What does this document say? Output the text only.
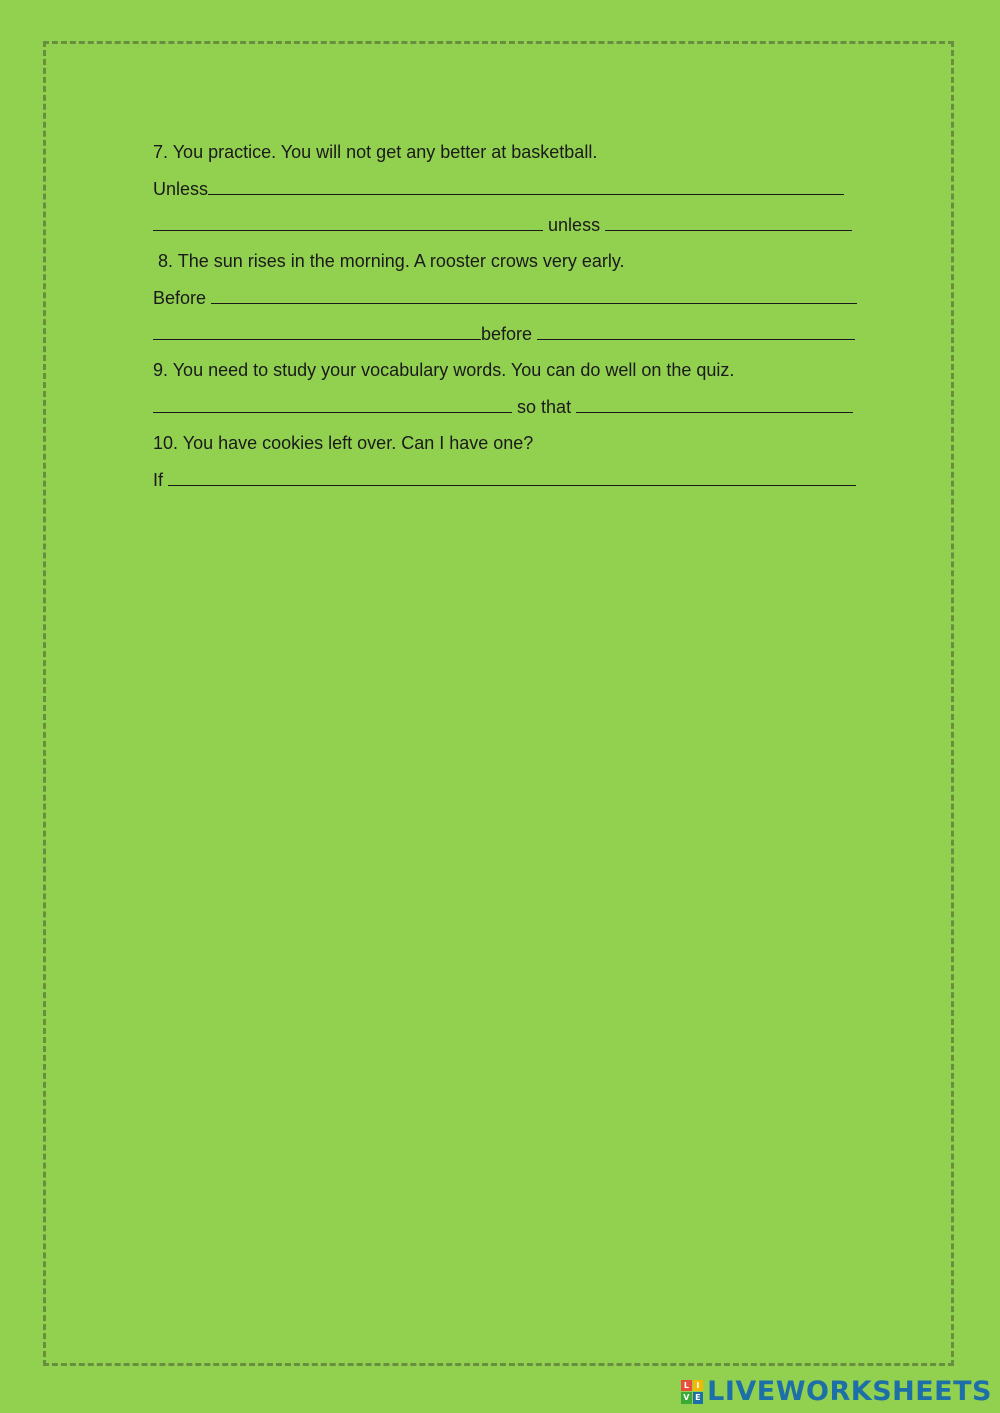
7. You practice. You will not get any better at basketball.

Unless

unless

8. The sun rises in the morning. A rooster crows very early.

Before

before

9. You need to study your vocabulary words. You can do well on the quiz.

so that

10. You have cookies left over. Can I have one?

If

L I
V E LIVEWORKSHEETS
